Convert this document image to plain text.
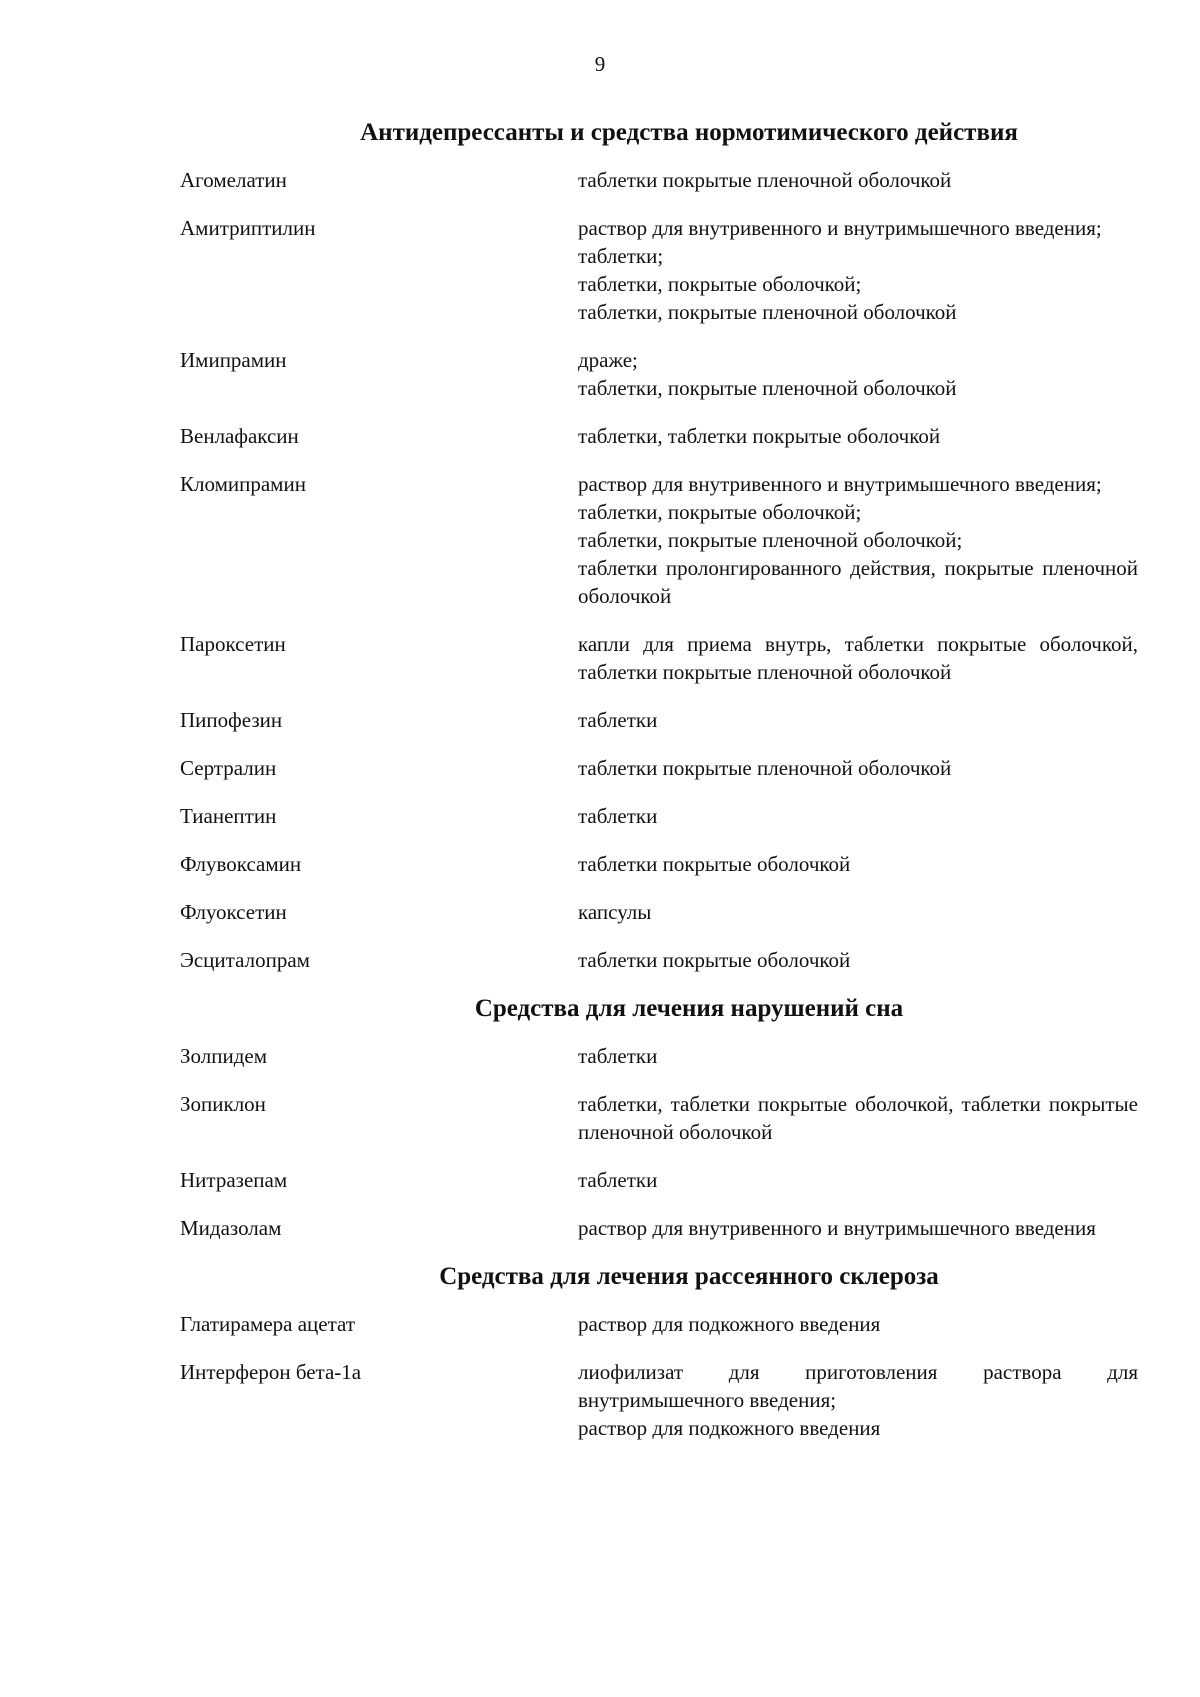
9
Антидепрессанты и средства нормотимического действия
Агомелатин	таблетки покрытые пленочной оболочкой
Амитриптилин	раствор для внутривенного и внутримышечного введения;
таблетки;
таблетки, покрытые оболочкой;
таблетки, покрытые пленочной оболочкой
Имипрамин	драже;
таблетки, покрытые пленочной оболочкой
Венлафаксин	таблетки, таблетки покрытые оболочкой
Кломипрамин	раствор для внутривенного и внутримышечного введения;
таблетки, покрытые оболочкой;
таблетки, покрытые пленочной оболочкой;
таблетки пролонгированного действия, покрытые пленочной оболочкой
Пароксетин	капли для приема внутрь, таблетки покрытые оболочкой, таблетки покрытые пленочной оболочкой
Пипофезин	таблетки
Сертралин	таблетки покрытые пленочной оболочкой
Тианептин	таблетки
Флувоксамин	таблетки покрытые оболочкой
Флуоксетин	капсулы
Эсциталопрам	таблетки покрытые оболочкой
Средства для лечения нарушений сна
Золпидем	таблетки
Зопиклон	таблетки, таблетки покрытые оболочкой, таблетки покрытые пленочной оболочкой
Нитразепам	таблетки
Мидазолам	раствор для внутривенного и внутримышечного введения
Средства для лечения рассеянного склероза
Глатирамера ацетат	раствор для подкожного введения
Интерферон бета-1а	лиофилизат для приготовления раствора для внутримышечного введения;
раствор для подкожного введения
